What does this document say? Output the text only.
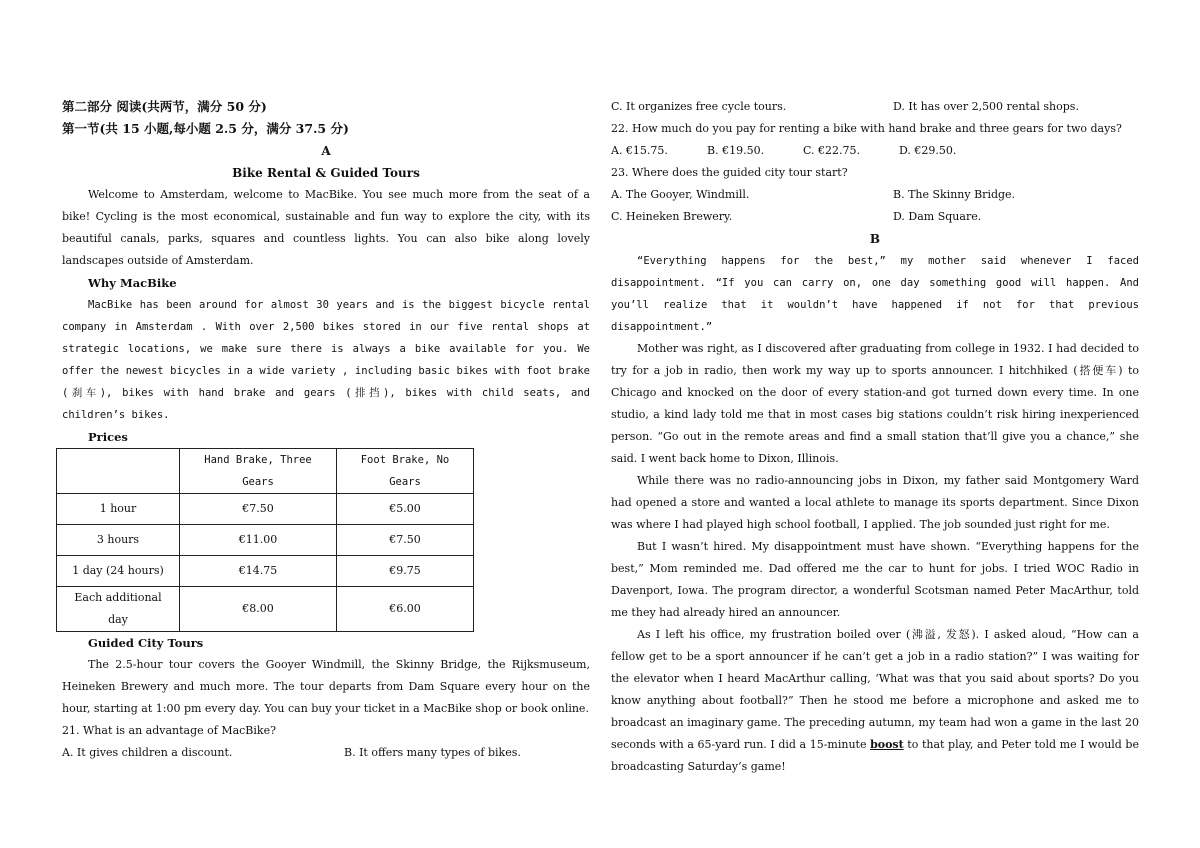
第二部分 阅读(共两节，满分 50 分)
第一节(共 15 小题,每小题 2.5 分，满分 37.5 分)
A
Bike Rental & Guided Tours

Welcome to Amsterdam, welcome to MacBike. You see much more from the seat of a bike! Cycling is the most economical, sustainable and fun way to explore the city, with its beautiful canals, parks, squares and countless lights. You can also bike along lovely landscapes outside of Amsterdam.

Why MacBike

MacBike has been around for almost 30 years and is the biggest bicycle rental company in Amsterdam . With over 2,500 bikes stored in our five rental shops at strategic locations, we make sure there is always a bike available for you. We offer the newest bicycles in a wide variety , including basic bikes with foot brake (刹车), bikes with hand brake and gears (排挡), bikes with child seats, and children’s bikes.

Prices
	Hand Brake, Three Gears	Foot Brake, No Gears
1 hour	€7.50	€5.00
3 hours	€11.00	€7.50
1 day (24 hours)	€14.75	€9.75
Each additional day	€8.00	€6.00
Guided City Tours

The 2.5-hour tour covers the Gooyer Windmill, the Skinny Bridge, the Rijksmuseum, Heineken Brewery and much more. The tour departs from Dam Square every hour on the hour, starting at 1:00 pm every day. You can buy your ticket in a MacBike shop or book online.

21. What is an advantage of MacBike?
A. It gives children a discount.	B. It offers many types of bikes.
C. It organizes free cycle tours.	D. It has over 2,500 rental shops.
22. How much do you pay for renting a bike with hand brake and three gears for two days?
A. €15.75.	B. €19.50.	C. €22.75.	D. €29.50.
23. Where does the guided city tour start?
A. The Gooyer, Windmill.	B. The Skinny Bridge.
C. Heineken Brewery.	D. Dam Square.
B

“Everything happens for the best,” my mother said whenever I faced disappointment. “If you can carry on, one day something good will happen. And you’ll realize that it wouldn’t have happened if not for that previous disappointment.”

Mother was right, as I discovered after graduating from college in 1932. I had decided to try for a job in radio, then work my way up to sports announcer. I hitchhiked (搭便车) to Chicago and knocked on the door of every station-and got turned down every time. In one studio, a kind lady told me that in most cases big stations couldn’t risk hiring inexperienced person. “Go out in the remote areas and find a small station that’ll give you a chance,” she said. I went back home to Dixon, Illinois.

While there was no radio-announcing jobs in Dixon, my father said Montgomery Ward had opened a store and wanted a local athlete to manage its sports department. Since Dixon was where I had played high school football, I applied. The job sounded just right for me.

But I wasn’t hired. My disappointment must have shown. “Everything happens for the best,” Mom reminded me. Dad offered me the car to hunt for jobs. I tried WOC Radio in Davenport, Iowa. The program director, a wonderful Scotsman named Peter MacArthur, told me they had already hired an announcer.

As I left his office, my frustration boiled over (沸溢, 发怒). I asked aloud, “How can a fellow get to be a sport announcer if he can’t get a job in a radio station?” I was waiting for the elevator when I heard MacArthur calling, ‘What was that you said about sports? Do you know anything about football?” Then he stood me before a microphone and asked me to broadcast an imaginary game. The preceding autumn, my team had won a game in the last 20 seconds with a 65-yard run. I did a 15-minute boost to that play, and Peter told me I would be broadcasting Saturday’s game!
